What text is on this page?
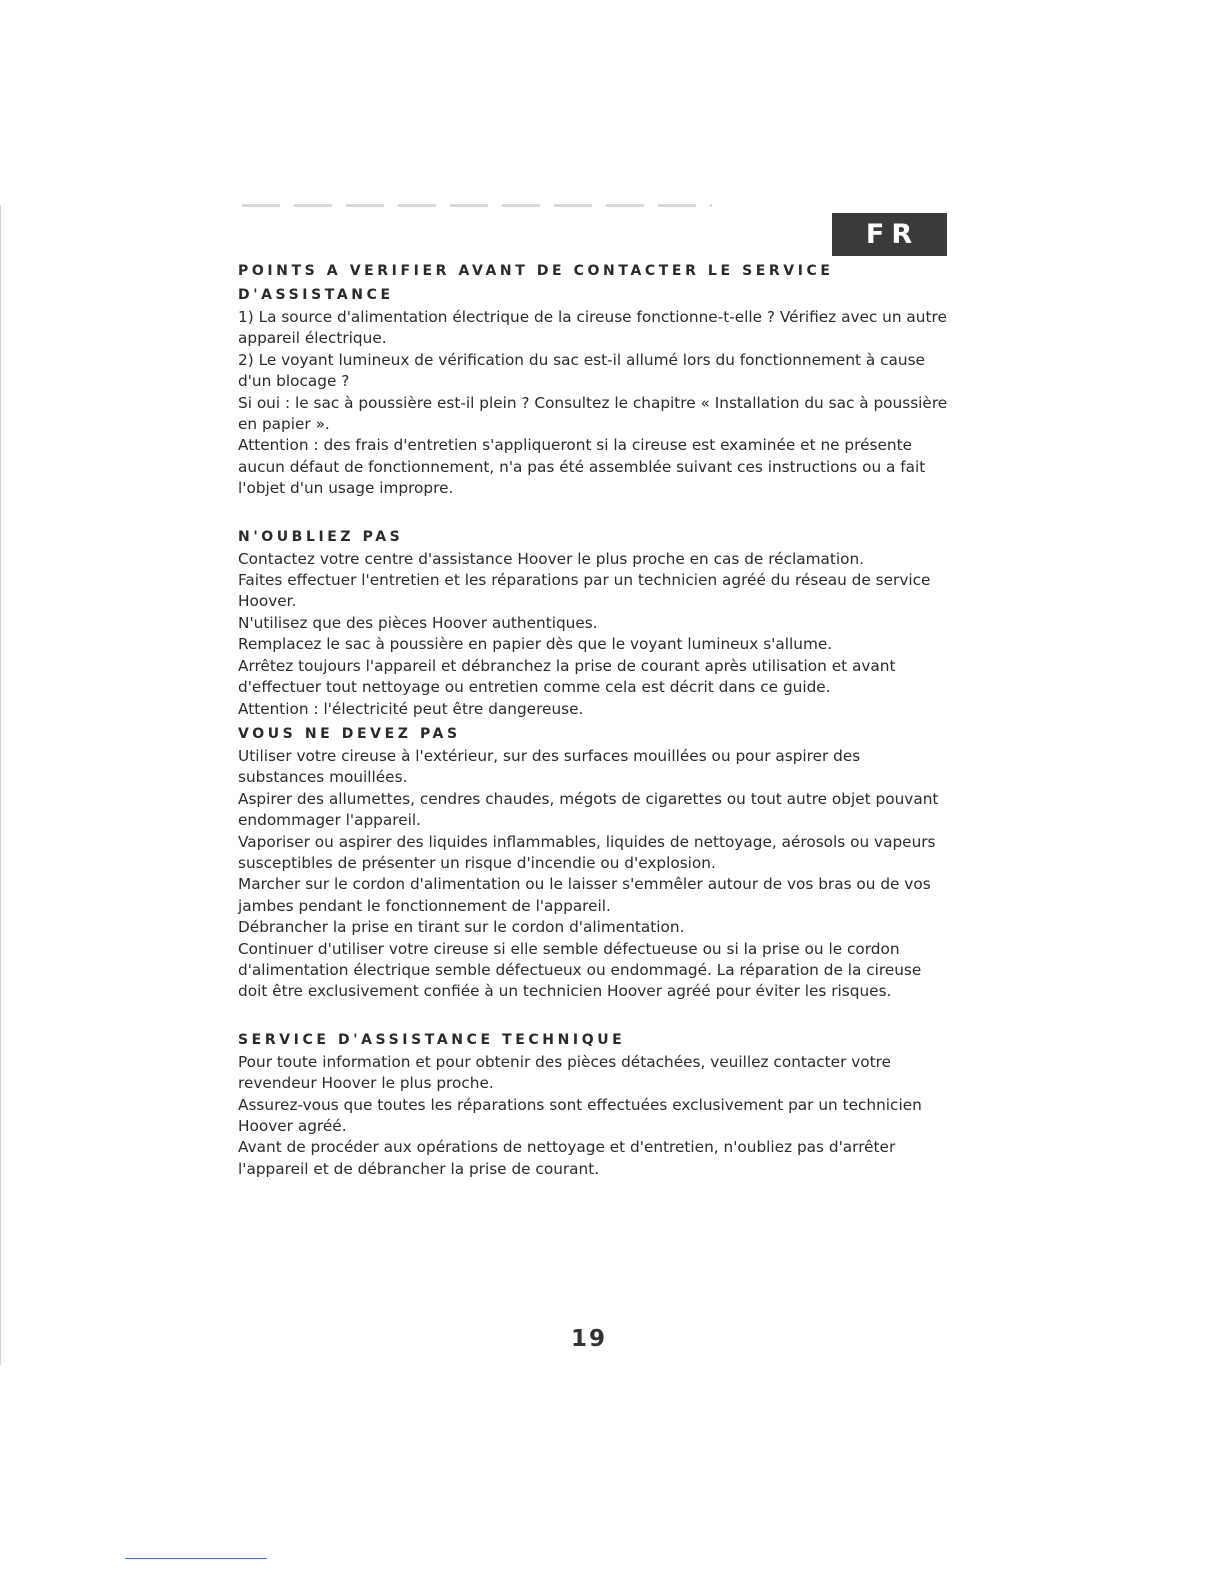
FR
POINTS A VERIFIER AVANT DE CONTACTER LE SERVICE D'ASSISTANCE

1) La source d'alimentation électrique de la cireuse fonctionne-t-elle ? Vérifiez avec un autre appareil électrique.

2) Le voyant lumineux de vérification du sac est-il allumé lors du fonctionnement à cause d'un blocage ?

Si oui : le sac à poussière est-il plein ? Consultez le chapitre « Installation du sac à poussière en papier ».

Attention : des frais d'entretien s'appliqueront si la cireuse est examinée et ne présente aucun défaut de fonctionnement, n'a pas été assemblée suivant ces instructions ou a fait l'objet d'un usage impropre.

N'OUBLIEZ PAS

Contactez votre centre d'assistance Hoover le plus proche en cas de réclamation.

Faites effectuer l'entretien et les réparations par un technicien agréé du réseau de service Hoover.

N'utilisez que des pièces Hoover authentiques.

Remplacez le sac à poussière en papier dès que le voyant lumineux s'allume.

Arrêtez toujours l'appareil et débranchez la prise de courant après utilisation et avant d'effectuer tout nettoyage ou entretien comme cela est décrit dans ce guide.

Attention : l'électricité peut être dangereuse.

VOUS NE DEVEZ PAS

Utiliser votre cireuse à l'extérieur, sur des surfaces mouillées ou pour aspirer des substances mouillées.

Aspirer des allumettes, cendres chaudes, mégots de cigarettes ou tout autre objet pouvant endommager l'appareil.

Vaporiser ou aspirer des liquides inflammables, liquides de nettoyage, aérosols ou vapeurs susceptibles de présenter un risque d'incendie ou d'explosion.

Marcher sur le cordon d'alimentation ou le laisser s'emmêler autour de vos bras ou de vos jambes pendant le fonctionnement de l'appareil.

Débrancher la prise en tirant sur le cordon d'alimentation.

Continuer d'utiliser votre cireuse si elle semble défectueuse ou si la prise ou le cordon d'alimentation électrique semble défectueux ou endommagé. La réparation de la cireuse doit être exclusivement confiée à un technicien Hoover agréé pour éviter les risques.

SERVICE D'ASSISTANCE TECHNIQUE

Pour toute information et pour obtenir des pièces détachées, veuillez contacter votre revendeur Hoover le plus proche.

Assurez-vous que toutes les réparations sont effectuées exclusivement par un technicien Hoover agréé.

Avant de procéder aux opérations de nettoyage et d'entretien, n'oubliez pas d'arrêter l'appareil et de débrancher la prise de courant.

19
